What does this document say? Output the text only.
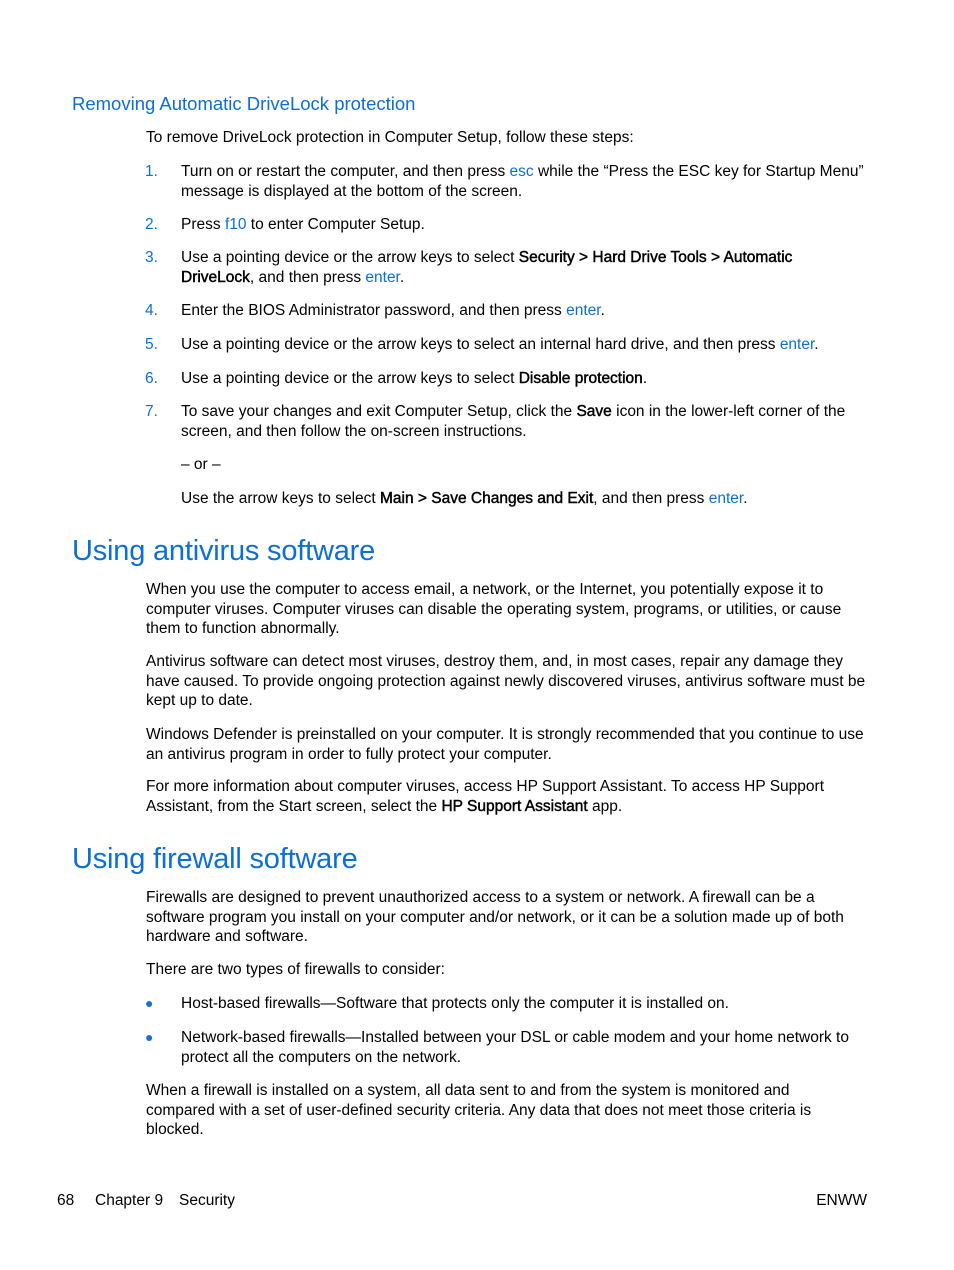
Removing Automatic DriveLock protection
To remove DriveLock protection in Computer Setup, follow these steps:
1. Turn on or restart the computer, and then press esc while the “Press the ESC key for Startup Menu” message is displayed at the bottom of the screen.
2. Press f10 to enter Computer Setup.
3. Use a pointing device or the arrow keys to select Security > Hard Drive Tools > Automatic DriveLock, and then press enter.
4. Enter the BIOS Administrator password, and then press enter.
5. Use a pointing device or the arrow keys to select an internal hard drive, and then press enter.
6. Use a pointing device or the arrow keys to select Disable protection.
7. To save your changes and exit Computer Setup, click the Save icon in the lower-left corner of the screen, and then follow the on-screen instructions.
– or –
Use the arrow keys to select Main > Save Changes and Exit, and then press enter.
Using antivirus software
When you use the computer to access email, a network, or the Internet, you potentially expose it to computer viruses. Computer viruses can disable the operating system, programs, or utilities, or cause them to function abnormally.
Antivirus software can detect most viruses, destroy them, and, in most cases, repair any damage they have caused. To provide ongoing protection against newly discovered viruses, antivirus software must be kept up to date.
Windows Defender is preinstalled on your computer. It is strongly recommended that you continue to use an antivirus program in order to fully protect your computer.
For more information about computer viruses, access HP Support Assistant. To access HP Support Assistant, from the Start screen, select the HP Support Assistant app.
Using firewall software
Firewalls are designed to prevent unauthorized access to a system or network. A firewall can be a software program you install on your computer and/or network, or it can be a solution made up of both hardware and software.
There are two types of firewalls to consider:
● Host-based firewalls—Software that protects only the computer it is installed on.
● Network-based firewalls—Installed between your DSL or cable modem and your home network to protect all the computers on the network.
When a firewall is installed on a system, all data sent to and from the system is monitored and compared with a set of user-defined security criteria. Any data that does not meet those criteria is blocked.
68 Chapter 9 Security	ENWW
